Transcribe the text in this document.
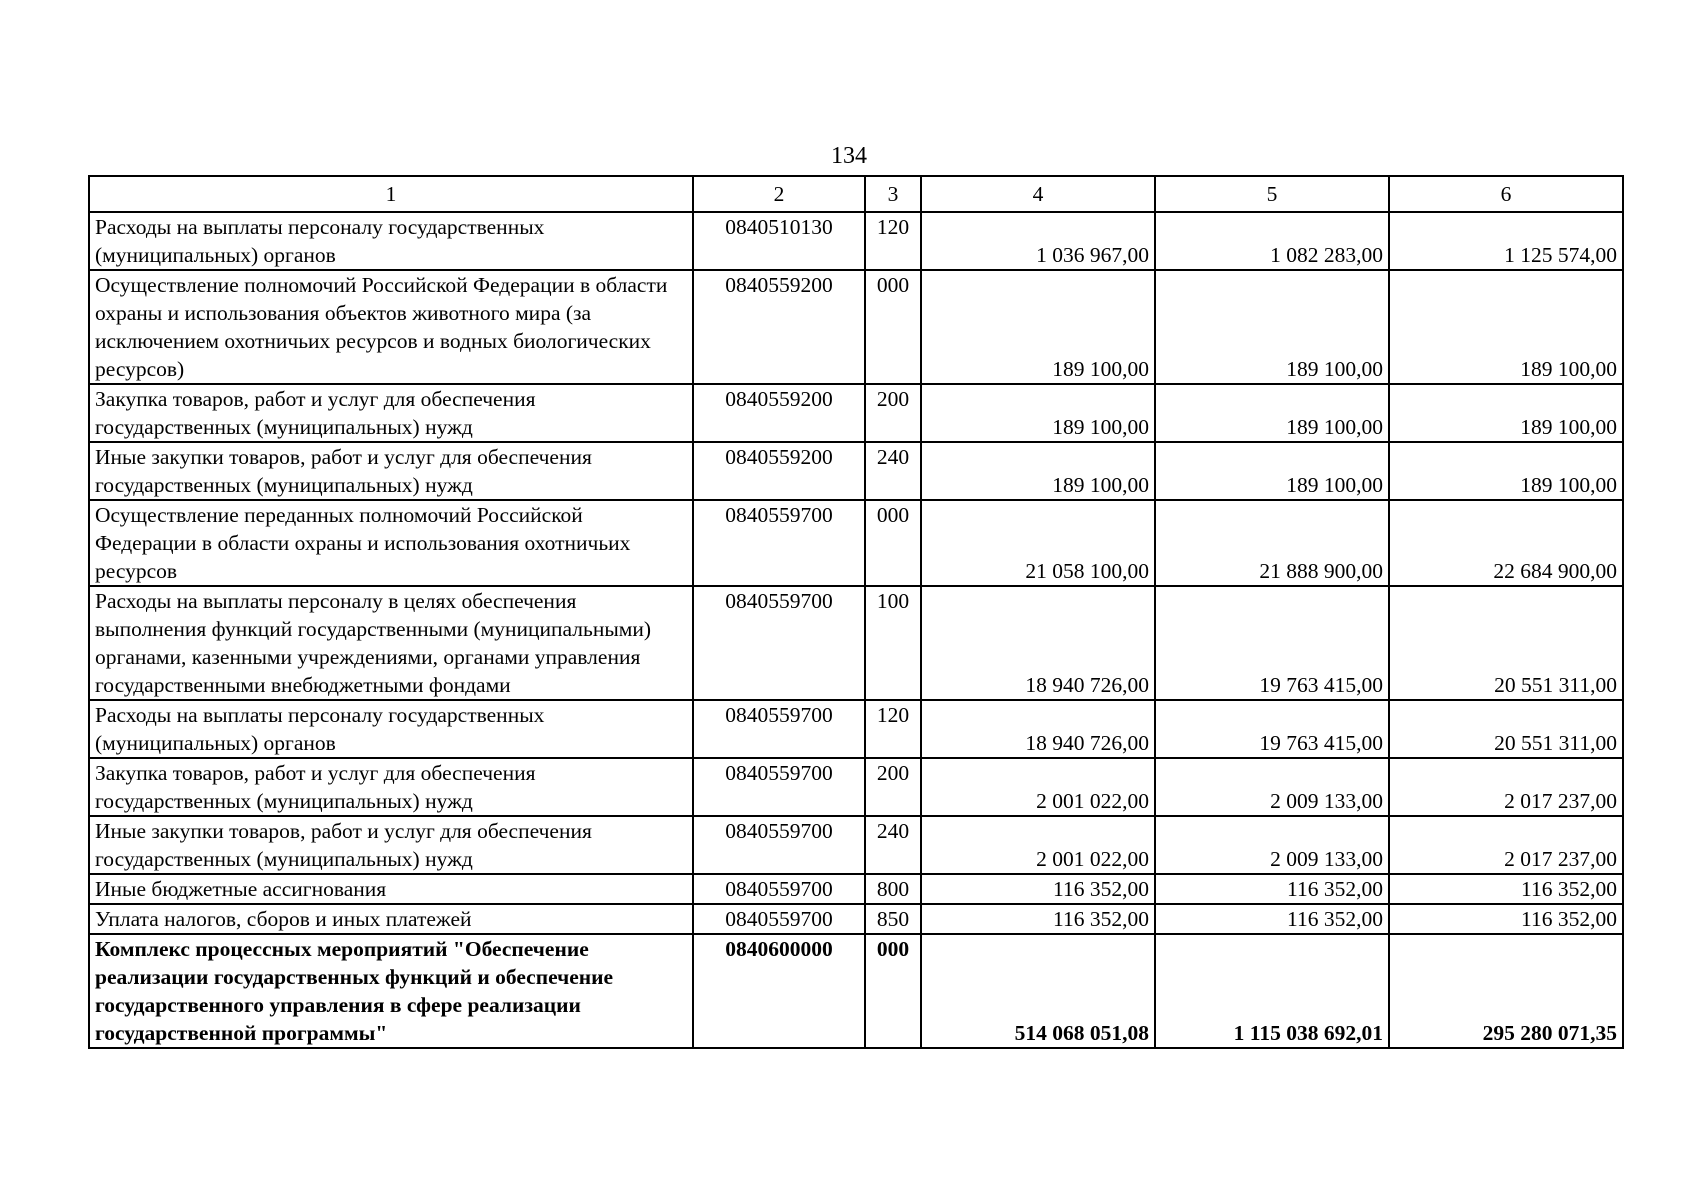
134
1	2	3	4	5	6
Расходы на выплаты персоналу государственных (муниципальных) органов	0840510130	120	1 036 967,00	1 082 283,00	1 125 574,00
Осуществление полномочий Российской Федерации в области охраны и использования объектов животного мира (за исключением охотничьих ресурсов и водных биологических ресурсов)	0840559200	000	189 100,00	189 100,00	189 100,00
Закупка товаров, работ и услуг для обеспечения государственных (муниципальных) нужд	0840559200	200	189 100,00	189 100,00	189 100,00
Иные закупки товаров, работ и услуг для обеспечения государственных (муниципальных) нужд	0840559200	240	189 100,00	189 100,00	189 100,00
Осуществление переданных полномочий Российской Федерации в области охраны и использования охотничьих ресурсов	0840559700	000	21 058 100,00	21 888 900,00	22 684 900,00
Расходы на выплаты персоналу в целях обеспечения выполнения функций государственными (муниципальными) органами, казенными учреждениями, органами управления государственными внебюджетными фондами	0840559700	100	18 940 726,00	19 763 415,00	20 551 311,00
Расходы на выплаты персоналу государственных (муниципальных) органов	0840559700	120	18 940 726,00	19 763 415,00	20 551 311,00
Закупка товаров, работ и услуг для обеспечения государственных (муниципальных) нужд	0840559700	200	2 001 022,00	2 009 133,00	2 017 237,00
Иные закупки товаров, работ и услуг для обеспечения государственных (муниципальных) нужд	0840559700	240	2 001 022,00	2 009 133,00	2 017 237,00
Иные бюджетные ассигнования	0840559700	800	116 352,00	116 352,00	116 352,00
Уплата налогов, сборов и иных платежей	0840559700	850	116 352,00	116 352,00	116 352,00
Комплекс процессных мероприятий "Обеспечение реализации государственных функций и обеспечение государственного управления в сфере реализации государственной программы"	0840600000	000	514 068 051,08	1 115 038 692,01	295 280 071,35
